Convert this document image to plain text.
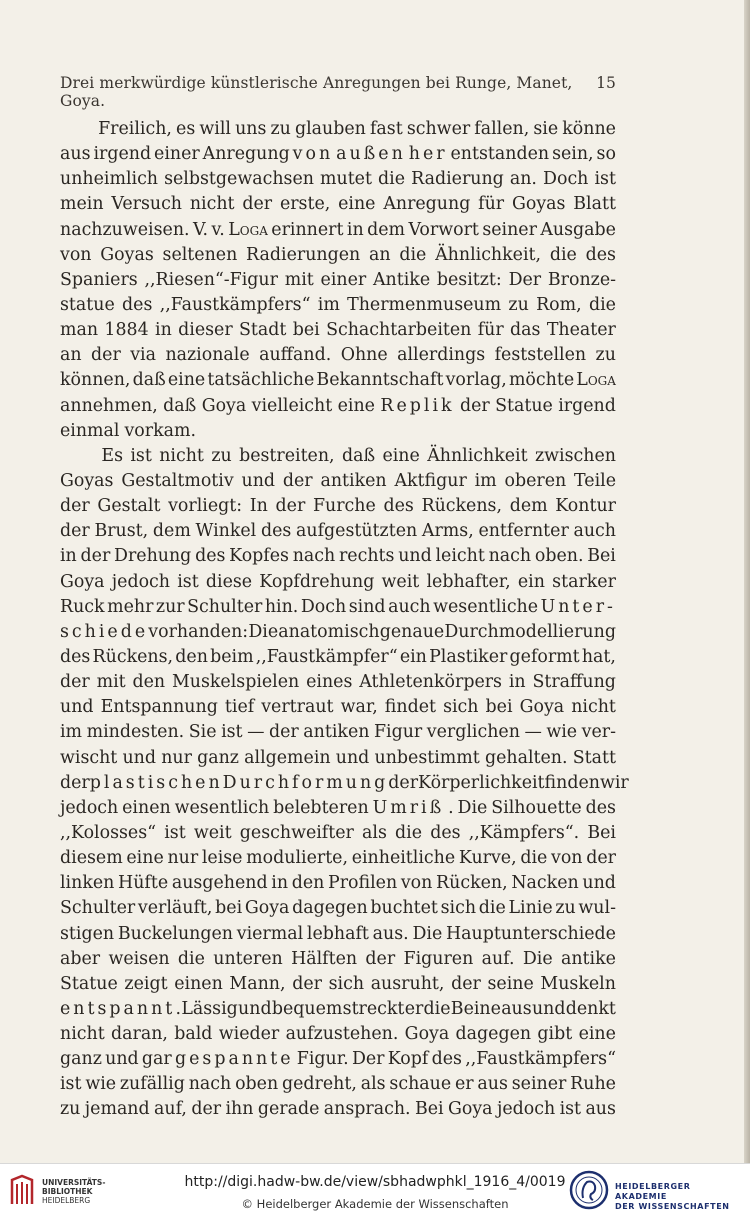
Drei merkwürdige künstlerische Anregungen bei Runge, Manet, Goya.
15
Freilich, es will uns zu glauben fast schwer fallen, sie könne
aus irgend einer Anregung von außen her entstanden sein, so
unheimlich selbstgewachsen mutet die Radierung an. Doch ist
mein Versuch nicht der erste, eine Anregung für Goyas Blatt
nachzuweisen. V. v. Loga erinnert in dem Vorwort seiner Ausgabe
von Goyas seltenen Radierungen an die Ähnlichkeit, die des
Spaniers ,,Riesen“-Figur mit einer Antike besitzt: Der Bronze-
statue des ,,Faustkämpfers“ im Thermenmuseum zu Rom, die
man 1884 in dieser Stadt bei Schachtarbeiten für das Theater
an der via nazionale auffand. Ohne allerdings feststellen zu
können, daß eine tatsächliche Bekanntschaft vorlag, möchte Loga
annehmen, daß Goya vielleicht eine Replik der Statue irgend
einmal vorkam.
Es ist nicht zu bestreiten, daß eine Ähnlichkeit zwischen
Goyas Gestaltmotiv und der antiken Aktfigur im oberen Teile
der Gestalt vorliegt: In der Furche des Rückens, dem Kontur
der Brust, dem Winkel des aufgestützten Arms, entfernter auch
in der Drehung des Kopfes nach rechts und leicht nach oben. Bei
Goya jedoch ist diese Kopfdrehung weit lebhafter, ein starker
Ruck mehr zur Schulter hin. Doch sind auch wesentliche Unter-
schiede vorhanden: Die anatomisch genaue Durchmodellierung
des Rückens, den beim ,,Faustkämpfer“ ein Plastiker geformt hat,
der mit den Muskelspielen eines Athletenkörpers in Straffung
und Entspannung tief vertraut war, findet sich bei Goya nicht
im mindesten. Sie ist — der antiken Figur verglichen — wie ver-
wischt und nur ganz allgemein und unbestimmt gehalten. Statt
der plastischen Durchformung der Körperlichkeit finden wir
jedoch einen wesentlich belebteren Umriß . Die Silhouette des
,,Kolosses“ ist weit geschweifter als die des ,,Kämpfers“. Bei
diesem eine nur leise modulierte, einheitliche Kurve, die von der
linken Hüfte ausgehend in den Profilen von Rücken, Nacken und
Schulter verläuft, bei Goya dagegen buchtet sich die Linie zu wul-
stigen Buckelungen viermal lebhaft aus. Die Hauptunterschiede
aber weisen die unteren Hälften der Figuren auf. Die antike
Statue zeigt einen Mann, der sich ausruht, der seine Muskeln
entspannt . Lässig und bequem streckt er die Beine aus und denkt
nicht daran, bald wieder aufzustehen. Goya dagegen gibt eine
ganz und gar gespannte Figur. Der Kopf des ,,Faustkämpfers“
ist wie zufällig nach oben gedreht, als schaue er aus seiner Ruhe
zu jemand auf, der ihn gerade ansprach. Bei Goya jedoch ist aus
UNIVERSITÄTS-
BIBLIOTHEK
HEIDELBERG
http://digi.hadw-bw.de/view/sbhadwphkl_1916_4/0019
© Heidelberger Akademie der Wissenschaften
HEIDELBERGER AKADEMIE
DER WISSENSCHAFTEN
